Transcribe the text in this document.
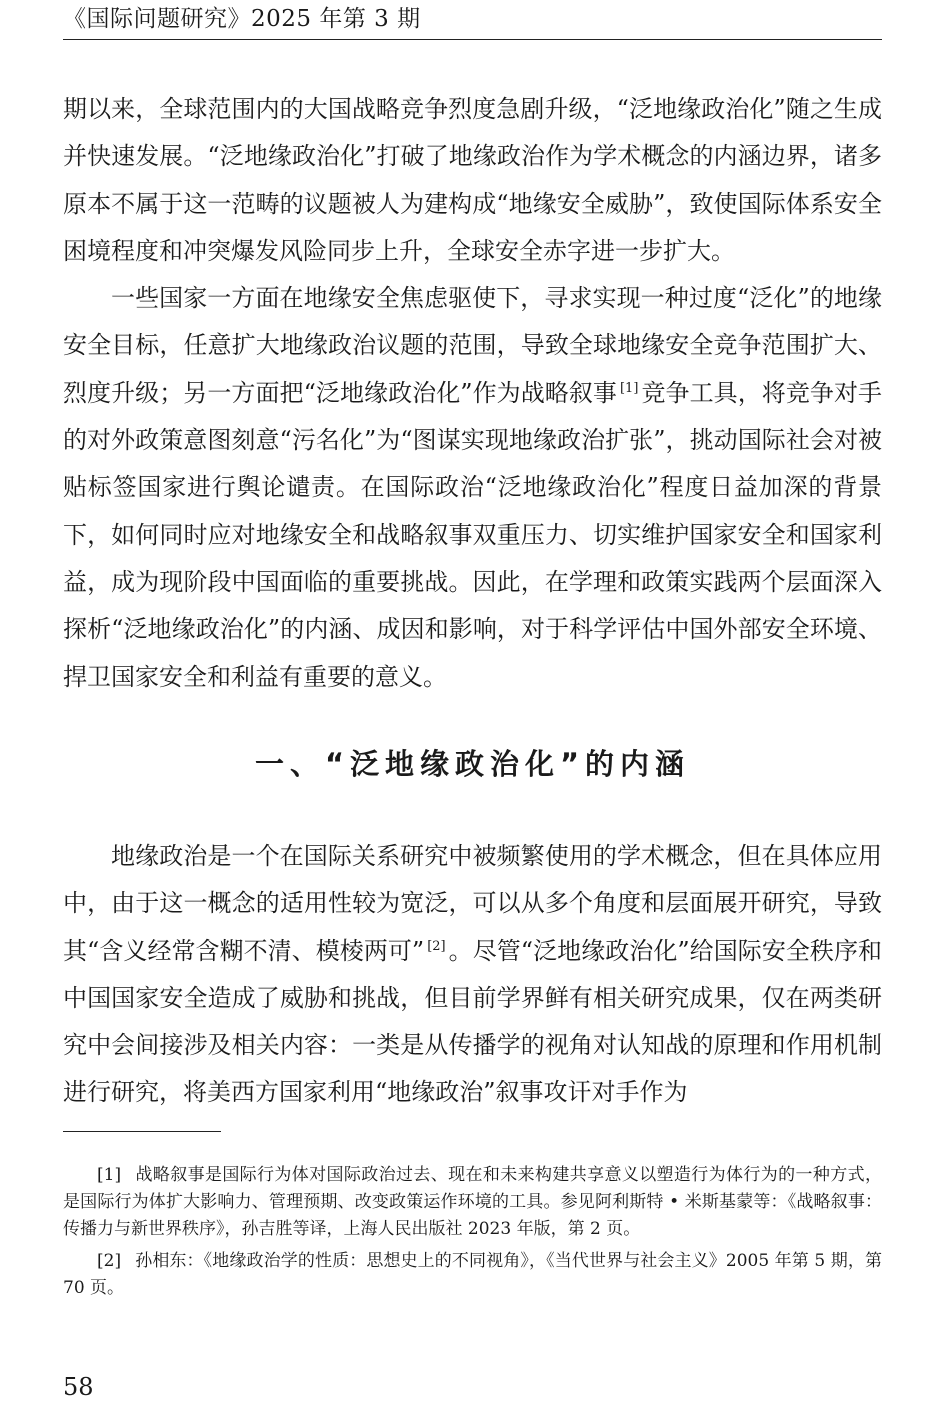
《国际问题研究》2025 年第 3 期

期以来，全球范围内的大国战略竞争烈度急剧升级，“泛地缘政治化”随之生成并快速发展。“泛地缘政治化”打破了地缘政治作为学术概念的内涵边界，诸多原本不属于这一范畴的议题被人为建构成“地缘安全威胁”，致使国际体系安全困境程度和冲突爆发风险同步上升，全球安全赤字进一步扩大。

一些国家一方面在地缘安全焦虑驱使下，寻求实现一种过度“泛化”的地缘安全目标，任意扩大地缘政治议题的范围，导致全球地缘安全竞争范围扩大、烈度升级；另一方面把“泛地缘政治化”作为战略叙事 [1] 竞争工具，将竞争对手的对外政策意图刻意“污名化”为“图谋实现地缘政治扩张”，挑动国际社会对被贴标签国家进行舆论谴责。在国际政治“泛地缘政治化”程度日益加深的背景下，如何同时应对地缘安全和战略叙事双重压力、切实维护国家安全和国家利益，成为现阶段中国面临的重要挑战。因此，在学理和政策实践两个层面深入探析“泛地缘政治化”的内涵、成因和影响，对于科学评估中国外部安全环境、捍卫国家安全和利益有重要的意义。

一、“泛地缘政治化”的内涵

地缘政治是一个在国际关系研究中被频繁使用的学术概念，但在具体应用中，由于这一概念的适用性较为宽泛，可以从多个角度和层面展开研究，导致其“含义经常含糊不清、模棱两可” [2] 。尽管“泛地缘政治化”给国际安全秩序和中国国家安全造成了威胁和挑战，但目前学界鲜有相关研究成果，仅在两类研究中会间接涉及相关内容：一类是从传播学的视角对认知战的原理和作用机制进行研究，将美西方国家利用“地缘政治”叙事攻讦对手作为

[1] 战略叙事是国际行为体对国际政治过去、现在和未来构建共享意义以塑造行为体行为的一种方式，是国际行为体扩大影响力、管理预期、改变政策运作环境的工具。参见阿利斯特 • 米斯基蒙等：《战略叙事：传播力与新世界秩序》，孙吉胜等译，上海人民出版社 2023 年版，第 2 页。

[2] 孙相东：《地缘政治学的性质：思想史上的不同视角》，《当代世界与社会主义》2005 年第 5 期，第 70 页。

58
